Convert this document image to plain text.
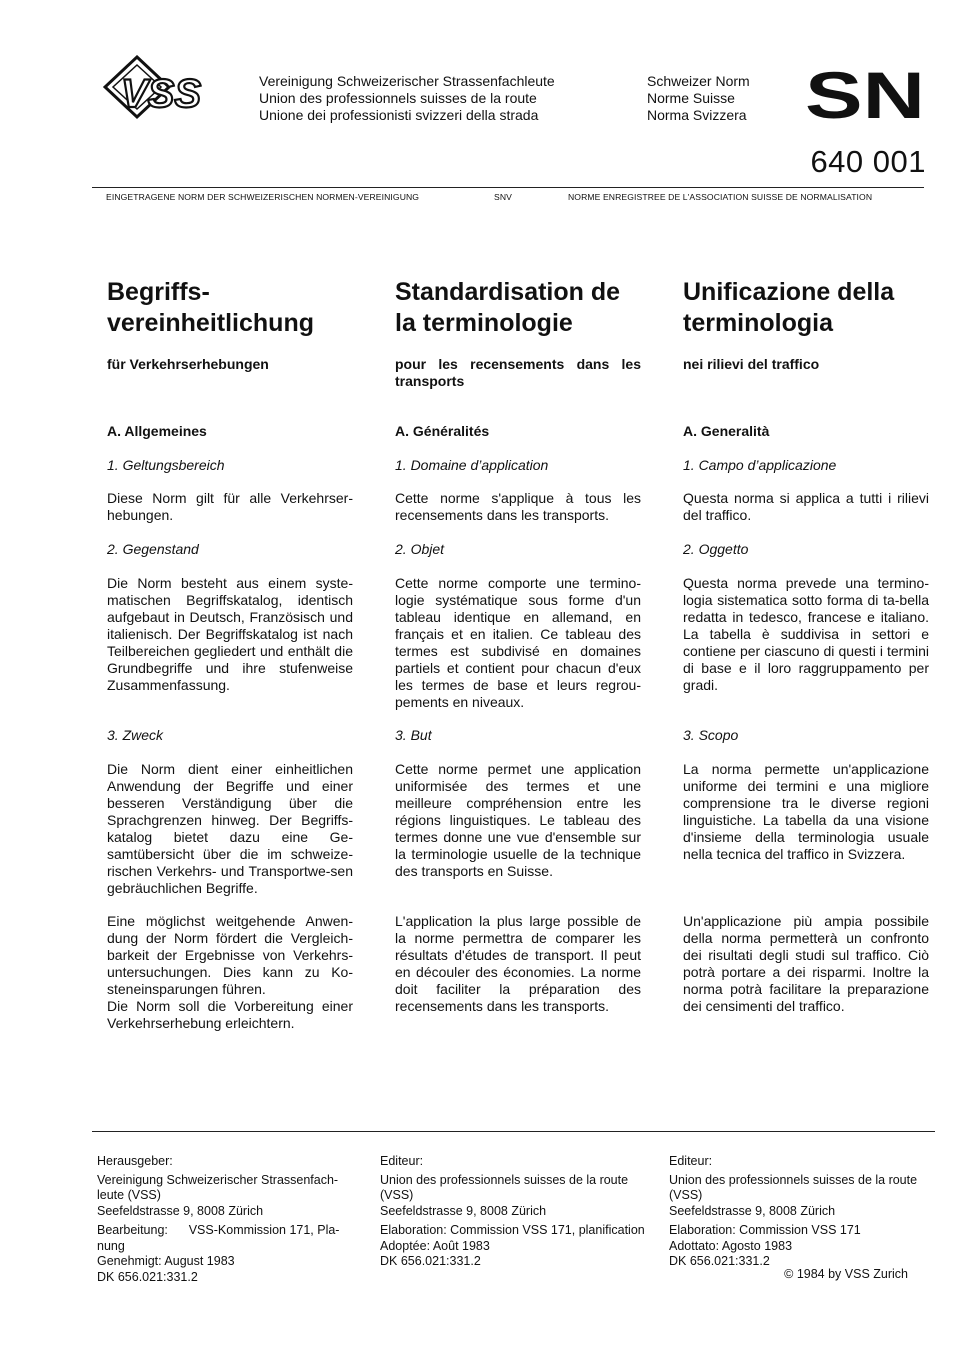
VSS	Vereinigung Schweizerischer Strassenfachleute
Union des professionnels suisses de la route
Unione dei professionisti svizzeri della strada
Schweizer Norm
Norme Suisse
Norma Svizzera SN
640 001
EINGETRAGENE NORM DER SCHWEIZERISCHEN NORMEN-VEREINIGUNG	SNV	NORME ENREGISTREE DE L'ASSOCIATION SUISSE DE NORMALISATION
Begriffs-
vereinheitlichung
für Verkehrserhebungen
A. Allgemeines
1. Geltungsbereich
Diese Norm gilt für alle Verkehrser-hebungen.
2. Gegenstand
Die Norm besteht aus einem syste-matischen Begriffskatalog, identisch aufgebaut in Deutsch, Französisch und italienisch. Der Begriffskatalog ist nach Teilbereichen gegliedert und enthält die Grundbegriffe und ihre stufenweise Zusammenfassung.
3. Zweck
Die Norm dient einer einheitlichen Anwendung der Begriffe und einer besseren Verständigung über die Sprachgrenzen hinweg. Der Begriffs-katalog bietet dazu eine Ge-samtübersicht über die im schweize-rischen Verkehrs- und Transportwe-sen gebräuchlichen Begriffe.
Eine möglichst weitgehende Anwen-dung der Norm fördert die Vergleich-barkeit der Ergebnisse von Verkehrs-untersuchungen. Dies kann zu Ko-steneinsparungen führen.
Die Norm soll die Vorbereitung einer Verkehrserhebung erleichtern.
Standardisation de
la terminologie
pour les recensements dans les transports
A. Généralités
1. Domaine d’application
Cette norme s'applique à tous les recensements dans les transports.
2. Objet
Cette norme comporte une termino-logie systématique sous forme d'un tableau identique en allemand, en français et en italien. Ce tableau des termes est subdivisé en domaines partiels et contient pour chacun d'eux les termes de base et leurs regrou-pements en niveaux.
3. But
Cette norme permet une application uniformisée des termes et une meilleure compréhension entre les régions linguistiques. Le tableau des termes donne une vue d'ensemble sur la terminologie usuelle de la technique des transports en Suisse.
L'application la plus large possible de la norme permettra de comparer les résultats d'études de transport. Il peut en découler des économies. La norme doit faciliter la préparation des recensements dans les transports.
Unificazione della
terminologia
nei rilievi del traffico
A. Generalità
1. Campo d’applicazione
Questa norma si applica a tutti i rilievi del traffico.
2. Oggetto
Questa norma prevede una termino-logia sistematica sotto forma di ta-bella redatta in tedesco, francese e italiano. La tabella è suddivisa in settori e contiene per ciascuno di questi i termini di base e il loro raggruppamento per gradi.
3. Scopo
La norma permette un'applicazione uniforme dei termini e una migliore comprensione tra le diverse regioni linguistiche. La tabella da una visione d'insieme della terminologia usuale nella tecnica del traffico in Svizzera.
Un'applicazione più ampia possibile della norma permetterà un confronto dei risultati degli studi sul traffico. Ciò potrà portare a dei risparmi. Inoltre la norma potrà facilitare la preparazione dei censimenti del traffico.
Herausgeber:
Vereinigung Schweizerischer Strassenfach-leute (VSS)
Seefeldstrasse 9, 8008 Zürich
Bearbeitung:      VSS-Kommission 171, Pla-nung
Genehmigt: August 1983
DK 656.021:331.2
Editeur:
Union des professionnels suisses de la route (VSS)
Seefeldstrasse 9, 8008 Zürich
Elaboration: Commission VSS 171, planification
Adoptée: Août 1983
DK 656.021:331.2
Editeur:
Union des professionnels suisses de la route (VSS)
Seefeldstrasse 9, 8008 Zürich
Elaboration: Commission VSS 171
Adottato: Agosto 1983
DK 656.021:331.2
© 1984 by VSS Zurich
